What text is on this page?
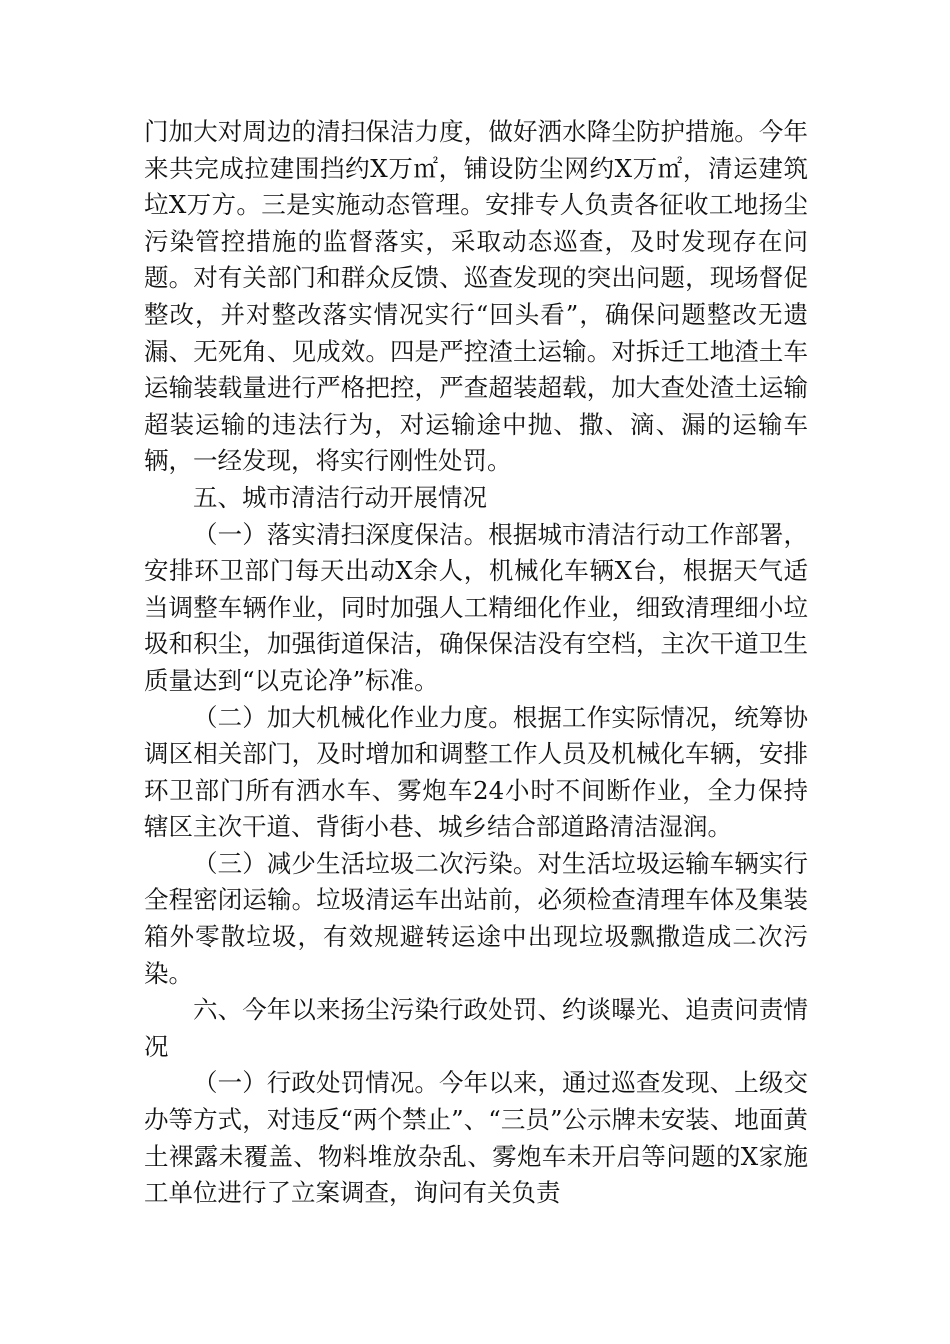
门加大对周边的清扫保洁力度，做好洒水降尘防护措施。今年来共完成拉建围挡约X万㎡，铺设防尘网约X万㎡，清运建筑垃X万方。三是实施动态管理。安排专人负责各征收工地扬尘污染管控措施的监督落实，采取动态巡查，及时发现存在问题。对有关部门和群众反馈、巡查发现的突出问题，现场督促整改，并对整改落实情况实行“回头看”，确保问题整改无遗漏、无死角、见成效。四是严控渣土运输。对拆迁工地渣土车运输装载量进行严格把控，严查超装超载，加大查处渣土运输超装运输的违法行为，对运输途中抛、撒、滴、漏的运输车辆，一经发现，将实行刚性处罚。

五、城市清洁行动开展情况

（一）落实清扫深度保洁。根据城市清洁行动工作部署，安排环卫部门每天出动X余人，机械化车辆X台，根据天气适当调整车辆作业，同时加强人工精细化作业，细致清理细小垃圾和积尘，加强街道保洁，确保保洁没有空档，主次干道卫生质量达到“以克论净”标准。

（二）加大机械化作业力度。根据工作实际情况，统筹协调区相关部门，及时增加和调整工作人员及机械化车辆，安排环卫部门所有洒水车、雾炮车24小时不间断作业，全力保持辖区主次干道、背街小巷、城乡结合部道路清洁湿润。

（三）减少生活垃圾二次污染。对生活垃圾运输车辆实行全程密闭运输。垃圾清运车出站前，必须检查清理车体及集装箱外零散垃圾，有效规避转运途中出现垃圾飘撒造成二次污染。

六、今年以来扬尘污染行政处罚、约谈曝光、追责问责情况

（一）行政处罚情况。今年以来，通过巡查发现、上级交办等方式，对违反“两个禁止”、“三员”公示牌未安装、地面黄土裸露未覆盖、物料堆放杂乱、雾炮车未开启等问题的X家施工单位进行了立案调查，询问有关负责
